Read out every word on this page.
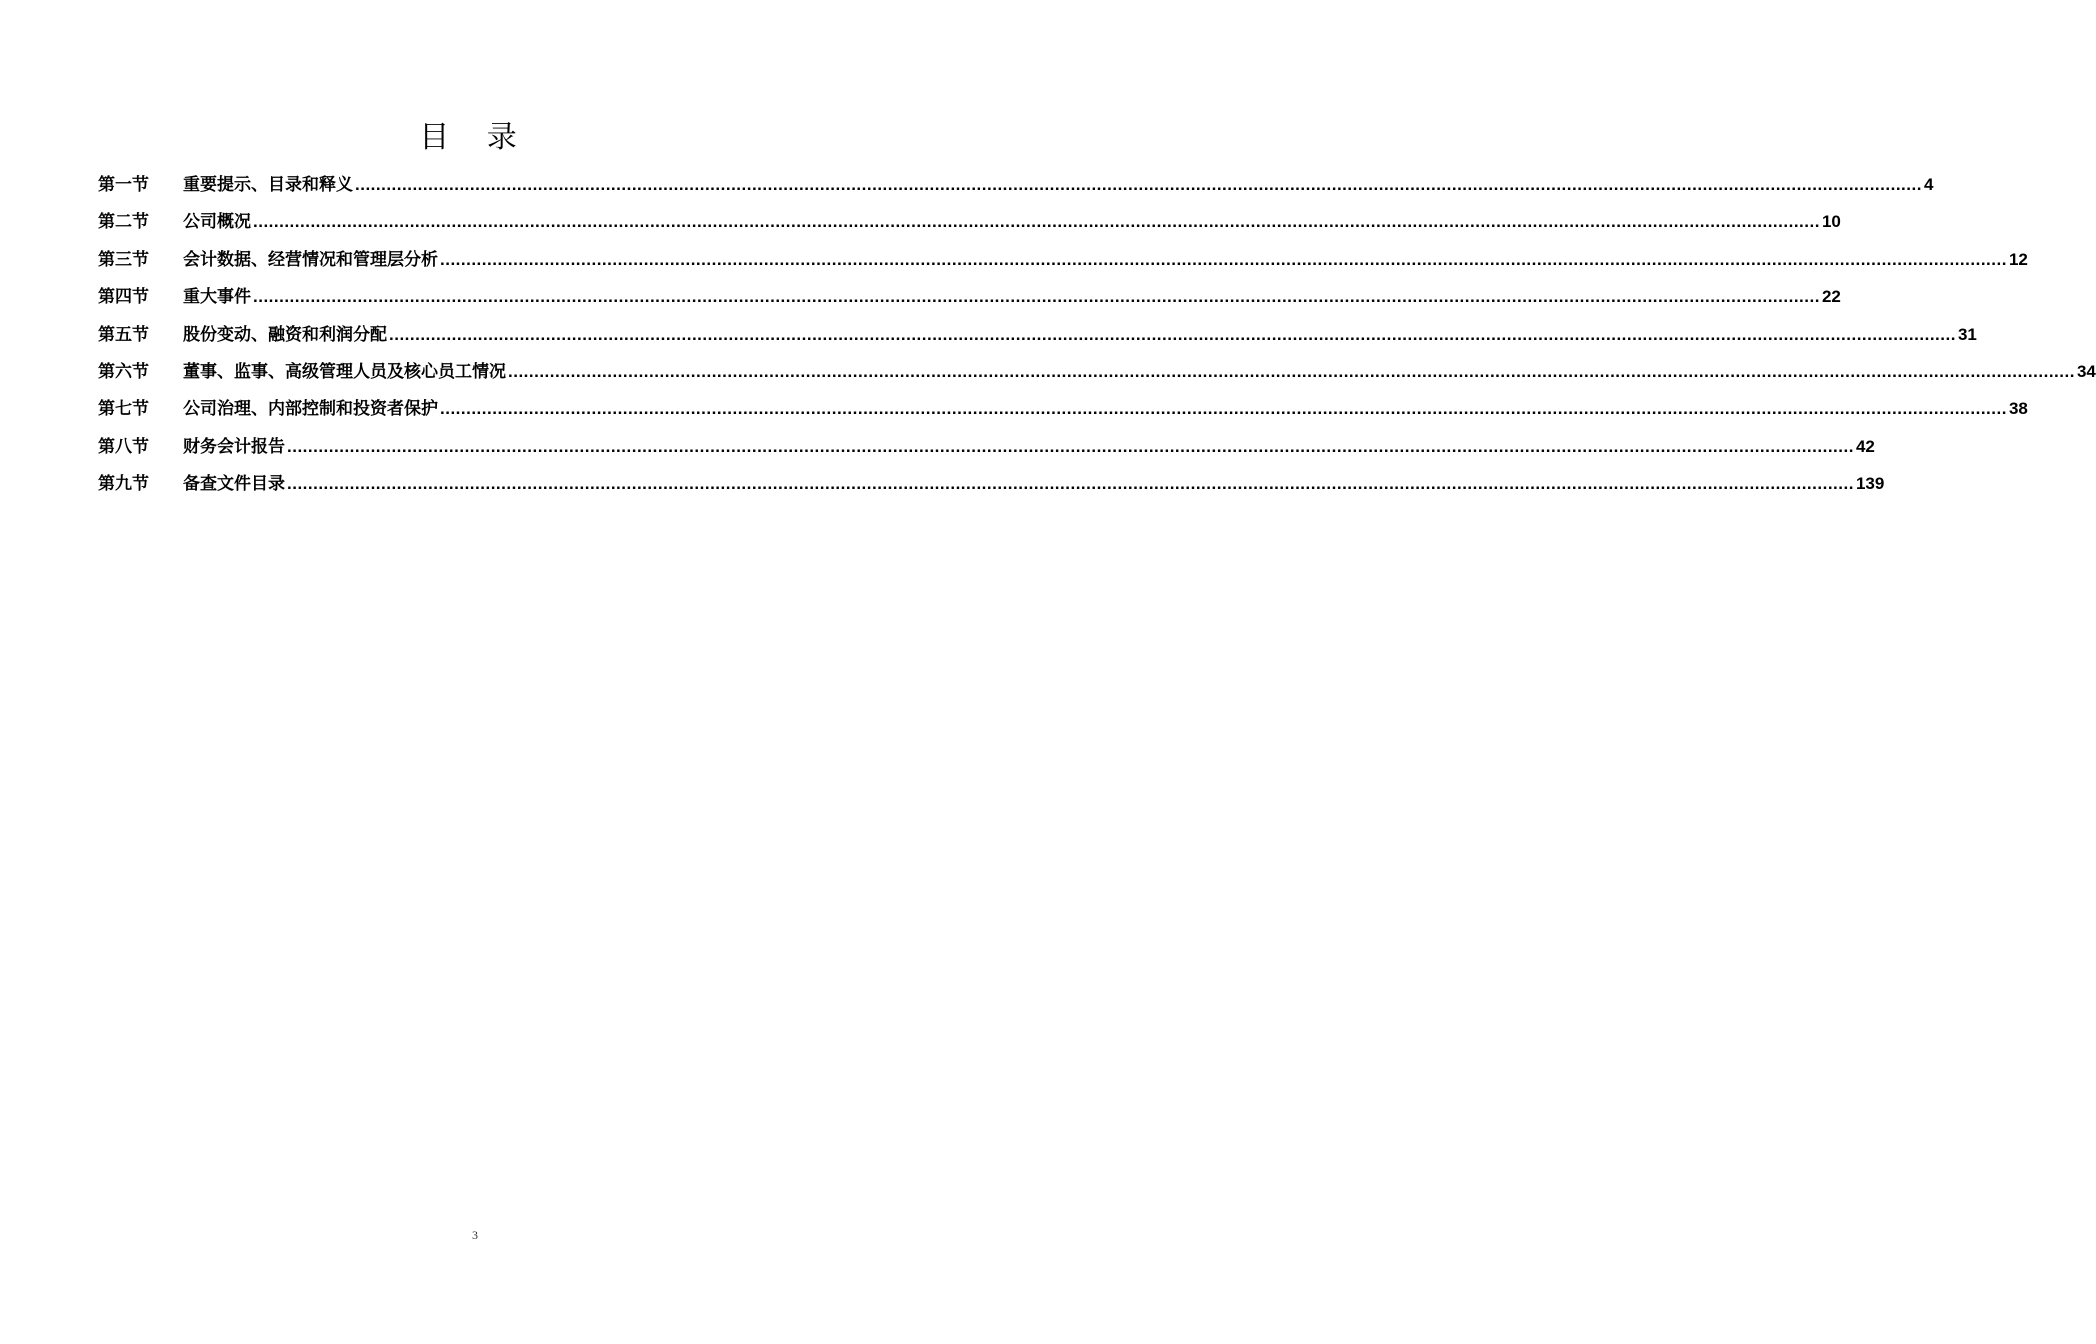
目 录
第一节	重要提示、目录和释义 ............................................................................................................................................................................................................................................................................................................ 4
第二节	公司概况 ............................................................................................................................................................................................................................................................................................................ 10
第三节	会计数据、经营情况和管理层分析 ............................................................................................................................................................................................................................................................................................................ 12
第四节	重大事件 ............................................................................................................................................................................................................................................................................................................ 22
第五节	股份变动、融资和利润分配 ............................................................................................................................................................................................................................................................................................................ 31
第六节	董事、监事、高级管理人员及核心员工情况 ............................................................................................................................................................................................................................................................................................................ 34
第七节	公司治理、内部控制和投资者保护 ............................................................................................................................................................................................................................................................................................................ 38
第八节	财务会计报告 ............................................................................................................................................................................................................................................................................................................ 42
第九节	备查文件目录 ............................................................................................................................................................................................................................................................................................................ 139
3
